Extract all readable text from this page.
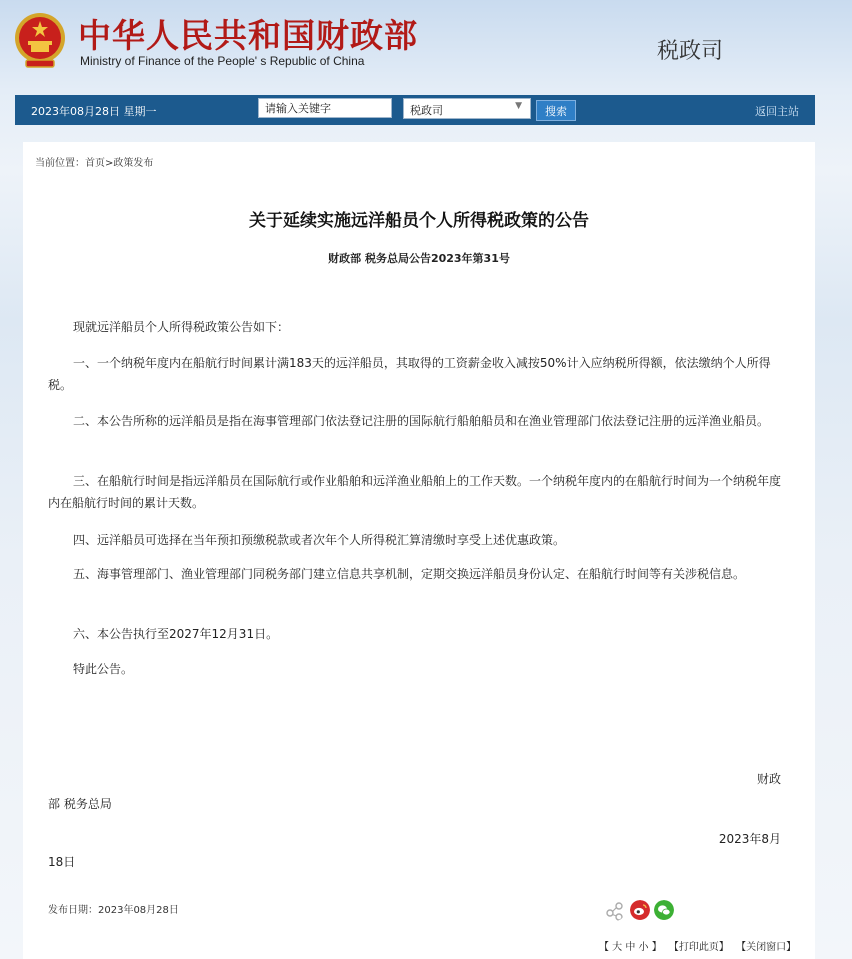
中华人民共和国财政部
Ministry of Finance of the People' s Republic of China	税政司
2023年08月28日 星期一
请输入关键字	税政司	▼	搜索	返回主站
当前位置：首页>政策发布
关于延续实施远洋船员个人所得税政策的公告
财政部 税务总局公告2023年第31号
现就远洋船员个人所得税政策公告如下：
一、一个纳税年度内在船航行时间累计满183天的远洋船员，其取得的工资薪金收入减按50%计入应纳税所得额，依法缴纳个人所得税。
二、本公告所称的远洋船员是指在海事管理部门依法登记注册的国际航行船舶船员和在渔业管理部门依法登记注册的远洋渔业船员。
三、在船航行时间是指远洋船员在国际航行或作业船舶和远洋渔业船舶上的工作天数。一个纳税年度内的在船航行时间为一个纳税年度内在船航行时间的累计天数。
四、远洋船员可选择在当年预扣预缴税款或者次年个人所得税汇算清缴时享受上述优惠政策。
五、海事管理部门、渔业管理部门同税务部门建立信息共享机制，定期交换远洋船员身份认定、在船航行时间等有关涉税信息。
六、本公告执行至2027年12月31日。
特此公告。
财政
部 税务总局
2023年8月
18日
发布日期：2023年08月28日
【 大 中 小 】 【打印此页】 【关闭窗口】
